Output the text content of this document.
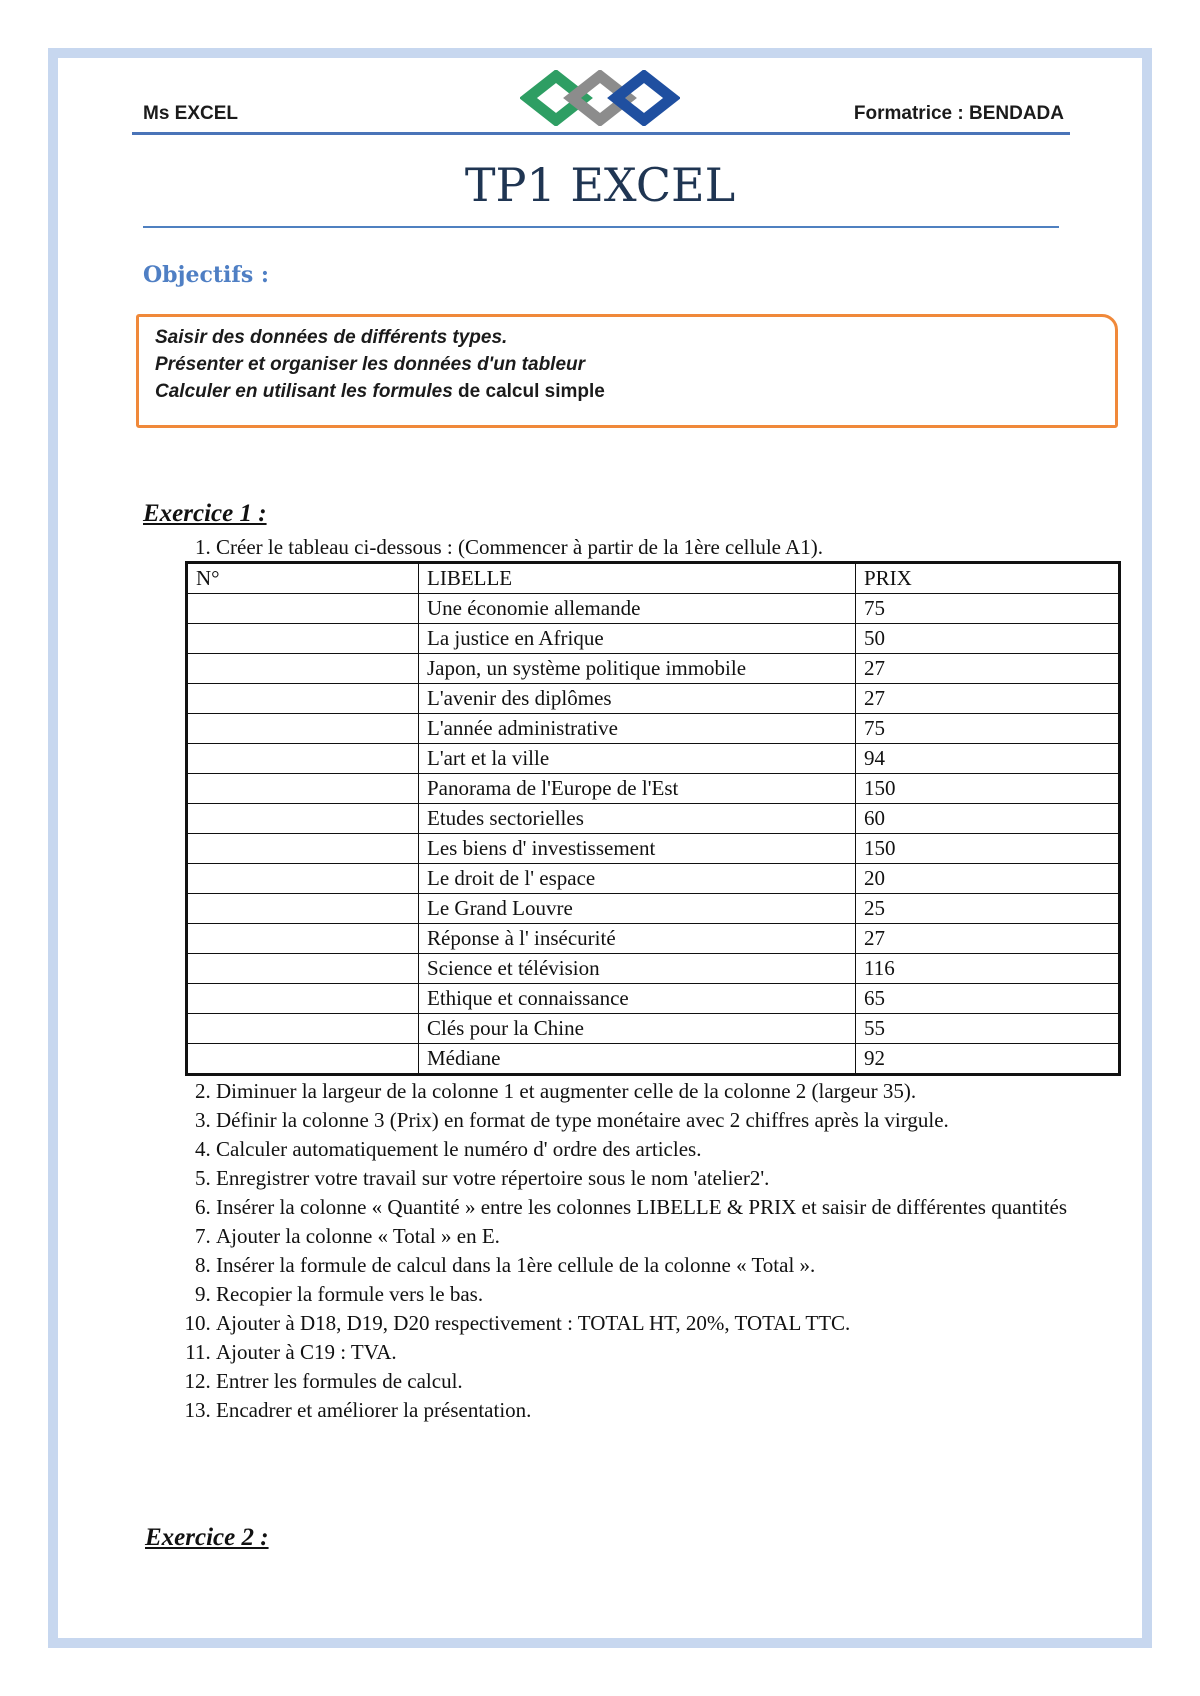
Ms EXCEL	Formatrice : BENDADA
TP1 EXCEL
Objectifs :
Saisir des données de différents types.
Présenter et organiser les données d'un tableur
Calculer en utilisant les formules de calcul simple
Exercice 1 :
1. Créer le tableau ci-dessous : (Commencer à partir de la 1ère cellule A1).
N°	LIBELLE	PRIX
	Une économie allemande	75
	La justice en Afrique	50
	Japon, un système politique immobile	27
	L'avenir des diplômes	27
	L'année administrative	75
	L'art et la ville	94
	Panorama de l'Europe de l'Est	150
	Etudes sectorielles	60
	Les biens d' investissement	150
	Le droit de l' espace	20
	Le Grand Louvre	25
	Réponse à l' insécurité	27
	Science et télévision	116
	Ethique et connaissance	65
	Clés pour la Chine	55
	Médiane	92
2. Diminuer la largeur de la colonne 1 et augmenter celle de la colonne 2 (largeur 35).
3. Définir la colonne 3 (Prix) en format de type monétaire avec 2 chiffres après la virgule.
4. Calculer automatiquement le numéro d' ordre des articles.
5. Enregistrer votre travail sur votre répertoire sous le nom 'atelier2'.
6. Insérer la colonne « Quantité » entre les colonnes LIBELLE & PRIX et saisir de différentes quantités
7. Ajouter la colonne « Total » en E.
8. Insérer la formule de calcul dans la 1ère cellule de la colonne « Total ».
9. Recopier la formule vers le bas.
10. Ajouter à D18, D19, D20 respectivement : TOTAL HT, 20%, TOTAL TTC.
11. Ajouter à C19 : TVA.
12. Entrer les formules de calcul.
13. Encadrer et améliorer la présentation.
Exercice 2 :
